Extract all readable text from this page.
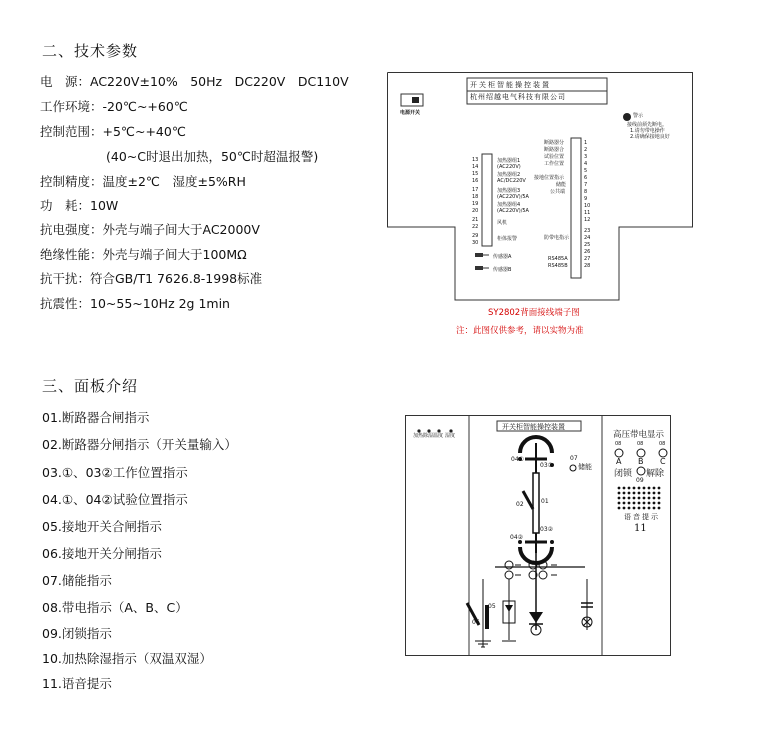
二、技术参数
电　源：AC220V±10%　50Hz　DC220V　DC110V
工作环境：-20℃~+60℃
控制范围：+5℃~+40℃
(40~C时退出加热，50℃时超温报警)
控制精度：温度±2℃　湿度±5%RH
功　耗：10W
抗电强度：外壳与端子间大于AC2000V
绝缘性能：外壳与端子间大于100MΩ
抗干扰：符合GB/T1 7626.8-1998标准
抗震性：10~55~10Hz 2g 1min
三、面板介绍
01.断路器合闸指示
02.断路器分闸指示（开关量输入）
03.①、03②工作位置指示
04.①、04②试验位置指示
05.接地开关合闸指示
06.接地开关分闸指示
07.储能指示
08.带电指示（A、B、C）
09.闭锁指示
10.加热除湿指示（双温双湿）
11.语音提示
开关柜智能操控装置
杭州绍越电气科技有限公司
电源开关	警示
接线前须先断电。
1.请勿带电操作
2.请确保接地良好
13
14
15
16
17
18
19
20
21
22
29
30
加热器组1
(AC220V)
加热器组2
AC/DC220V
加热器组3
(AC220V)/5A
加热器组4
(AC220V)/5A
风机
柜体报警
传感器A
传感器B
1
2
3
4
5
6
7
8
9
10
11
12
23
24
25
26
27
28
断路器分
断路器合
试验位置
工作位置
接地位置指示
储能
公共端
防带电指示
RS485A
RS485B
SY2802背面接线端子图
注：此图仅供参考，请以实物为准
加热 除湿 温度 湿度
开关柜智能操控装置
04①
03①
07
储能
02	01
03②
04②
05
06
高压带电显示
08	08	08
A B C
闭锁 解除
09
语音提示
11
